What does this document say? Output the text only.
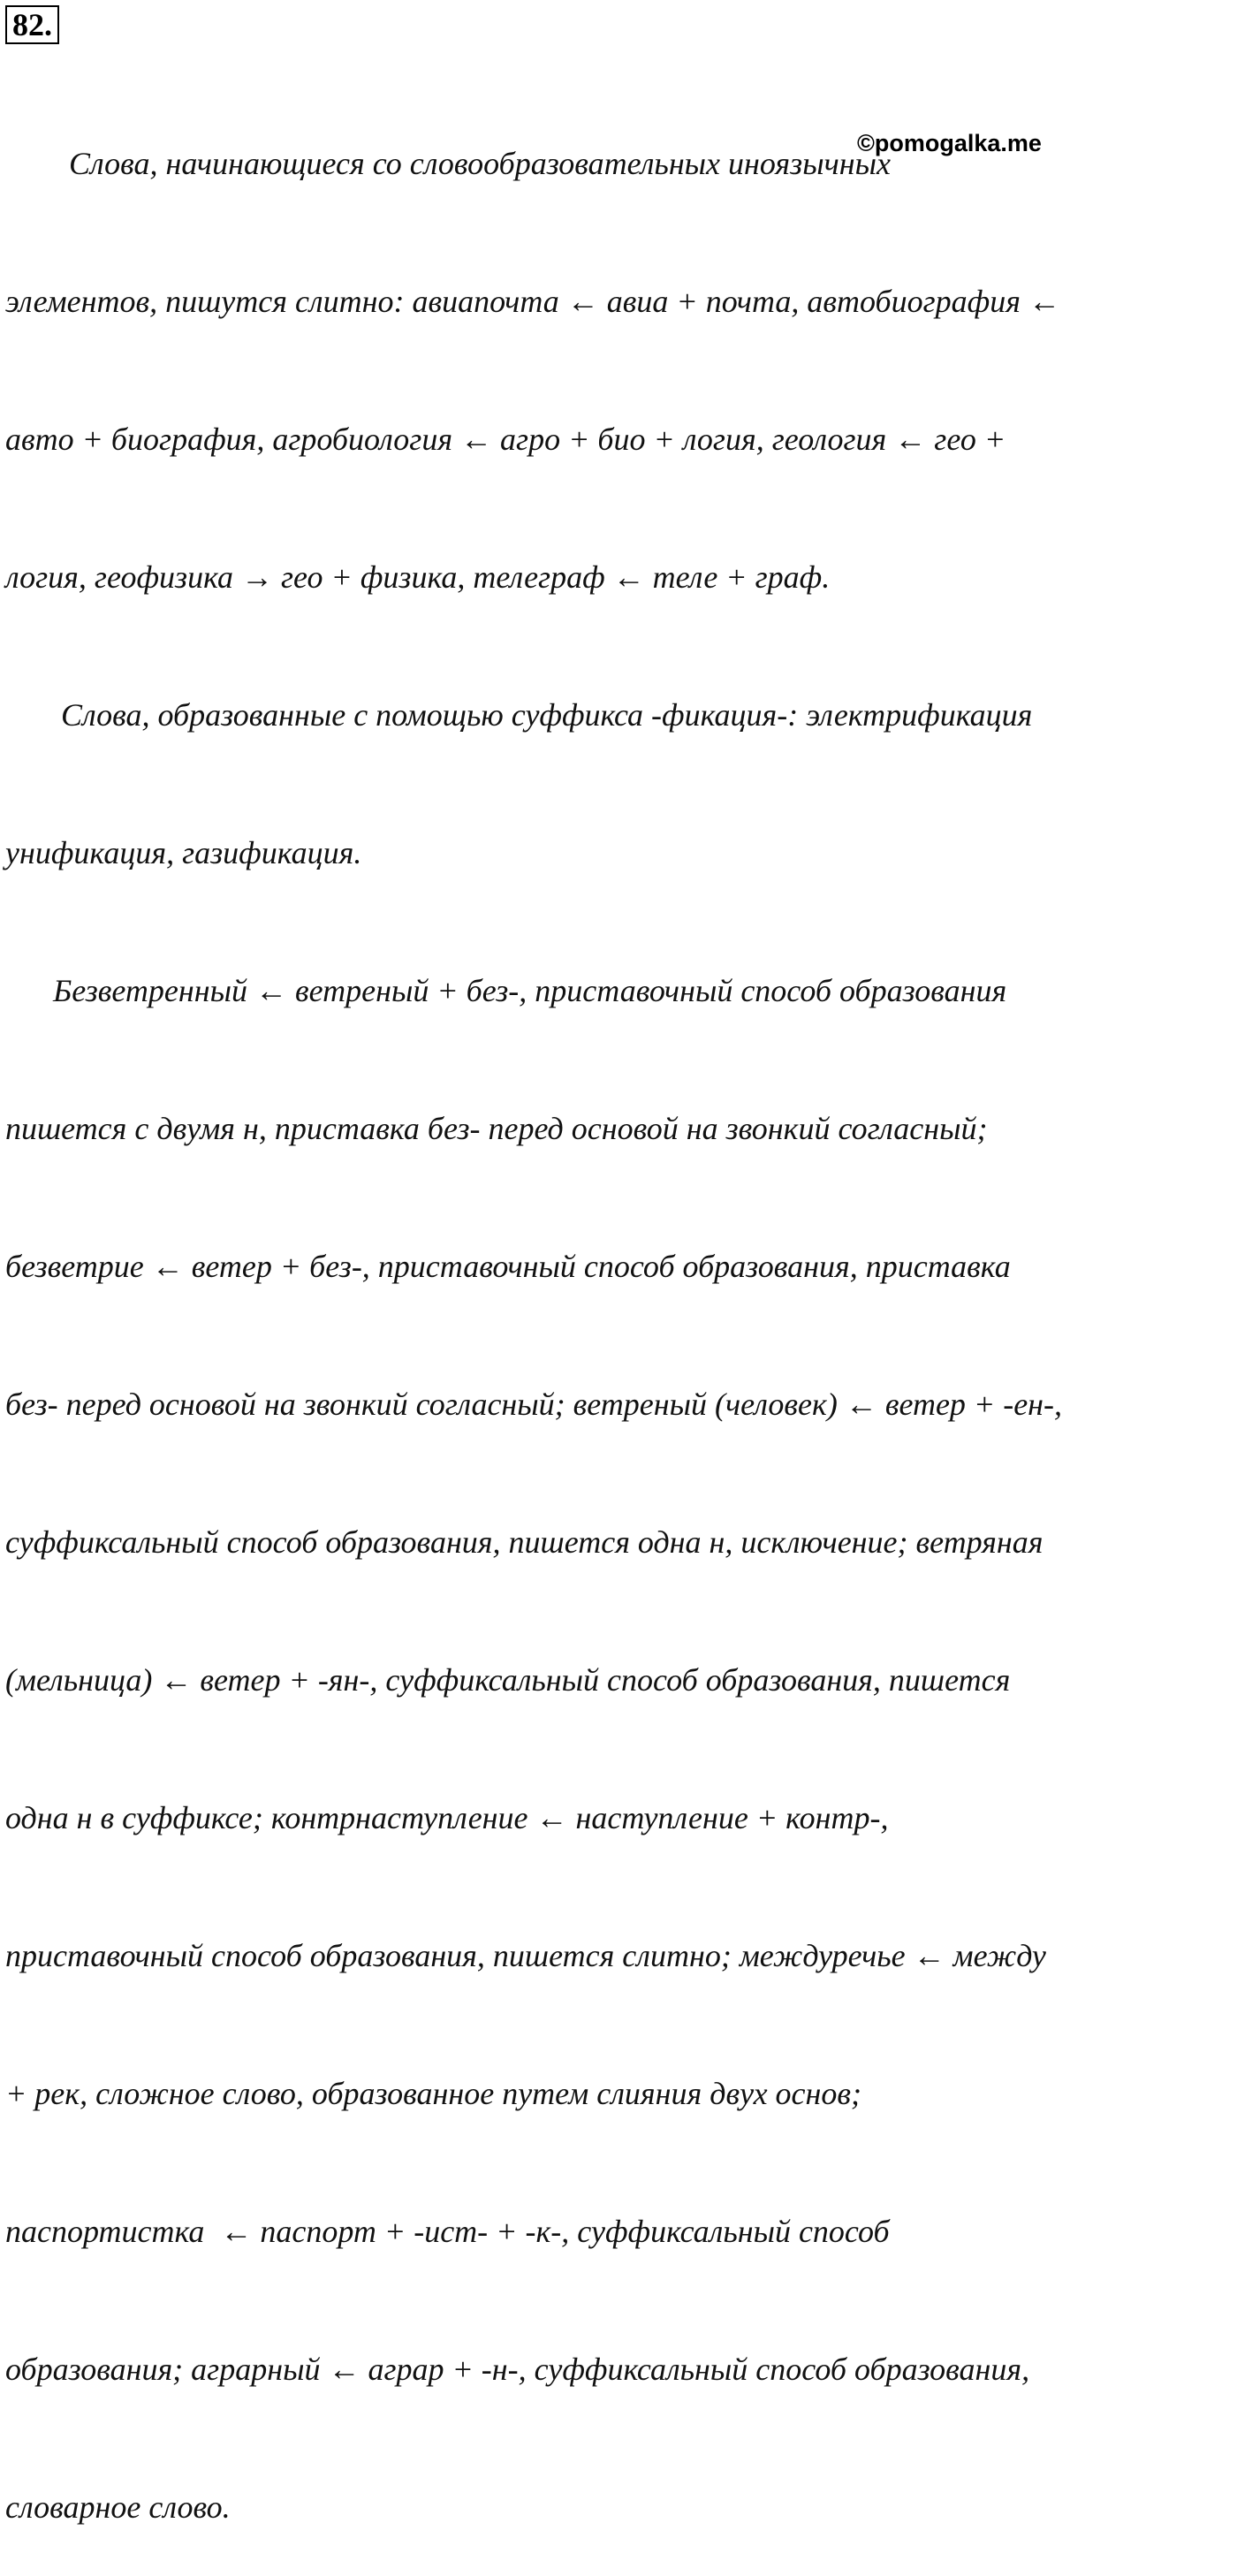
82.

Слова, начинающиеся со словообразовательных иноязычных

элементов, пишутся слитно: авиапочта ← авиа + почта, автобиография ←

авто + биография, агробиология ← агро + био + логия, геология ← гео +

логия, геофизика → гео + физика, телеграф ← теле + граф.

Слова, образованные с помощью суффикса -фикация-: электрификация

унификация, газификация.

Безветренный ← ветреный + без-, приставочный способ образования

пишется с двумя н, приставка без- перед основой на звонкий согласный;

безветрие ← ветер + без-, приставочный способ образования, приставка

без- перед основой на звонкий согласный; ветреный (человек) ← ветер + -ен-,

суффиксальный способ образования, пишется одна н, исключение; ветряная

(мельница) ← ветер + -ян-, суффиксальный способ образования, пишется

одна н в суффиксе; контрнаступление ← наступление + контр-,

приставочный способ образования, пишется слитно; междуречье ← между

+ рек, сложное слово, образованное путем слияния двух основ;

паспортистка  ← паспорт + -ист- + -к-, суффиксальный способ

образования; аграрный ← аграр + -н-, суффиксальный способ образования,

словарное слово.

©pomogalka.me
